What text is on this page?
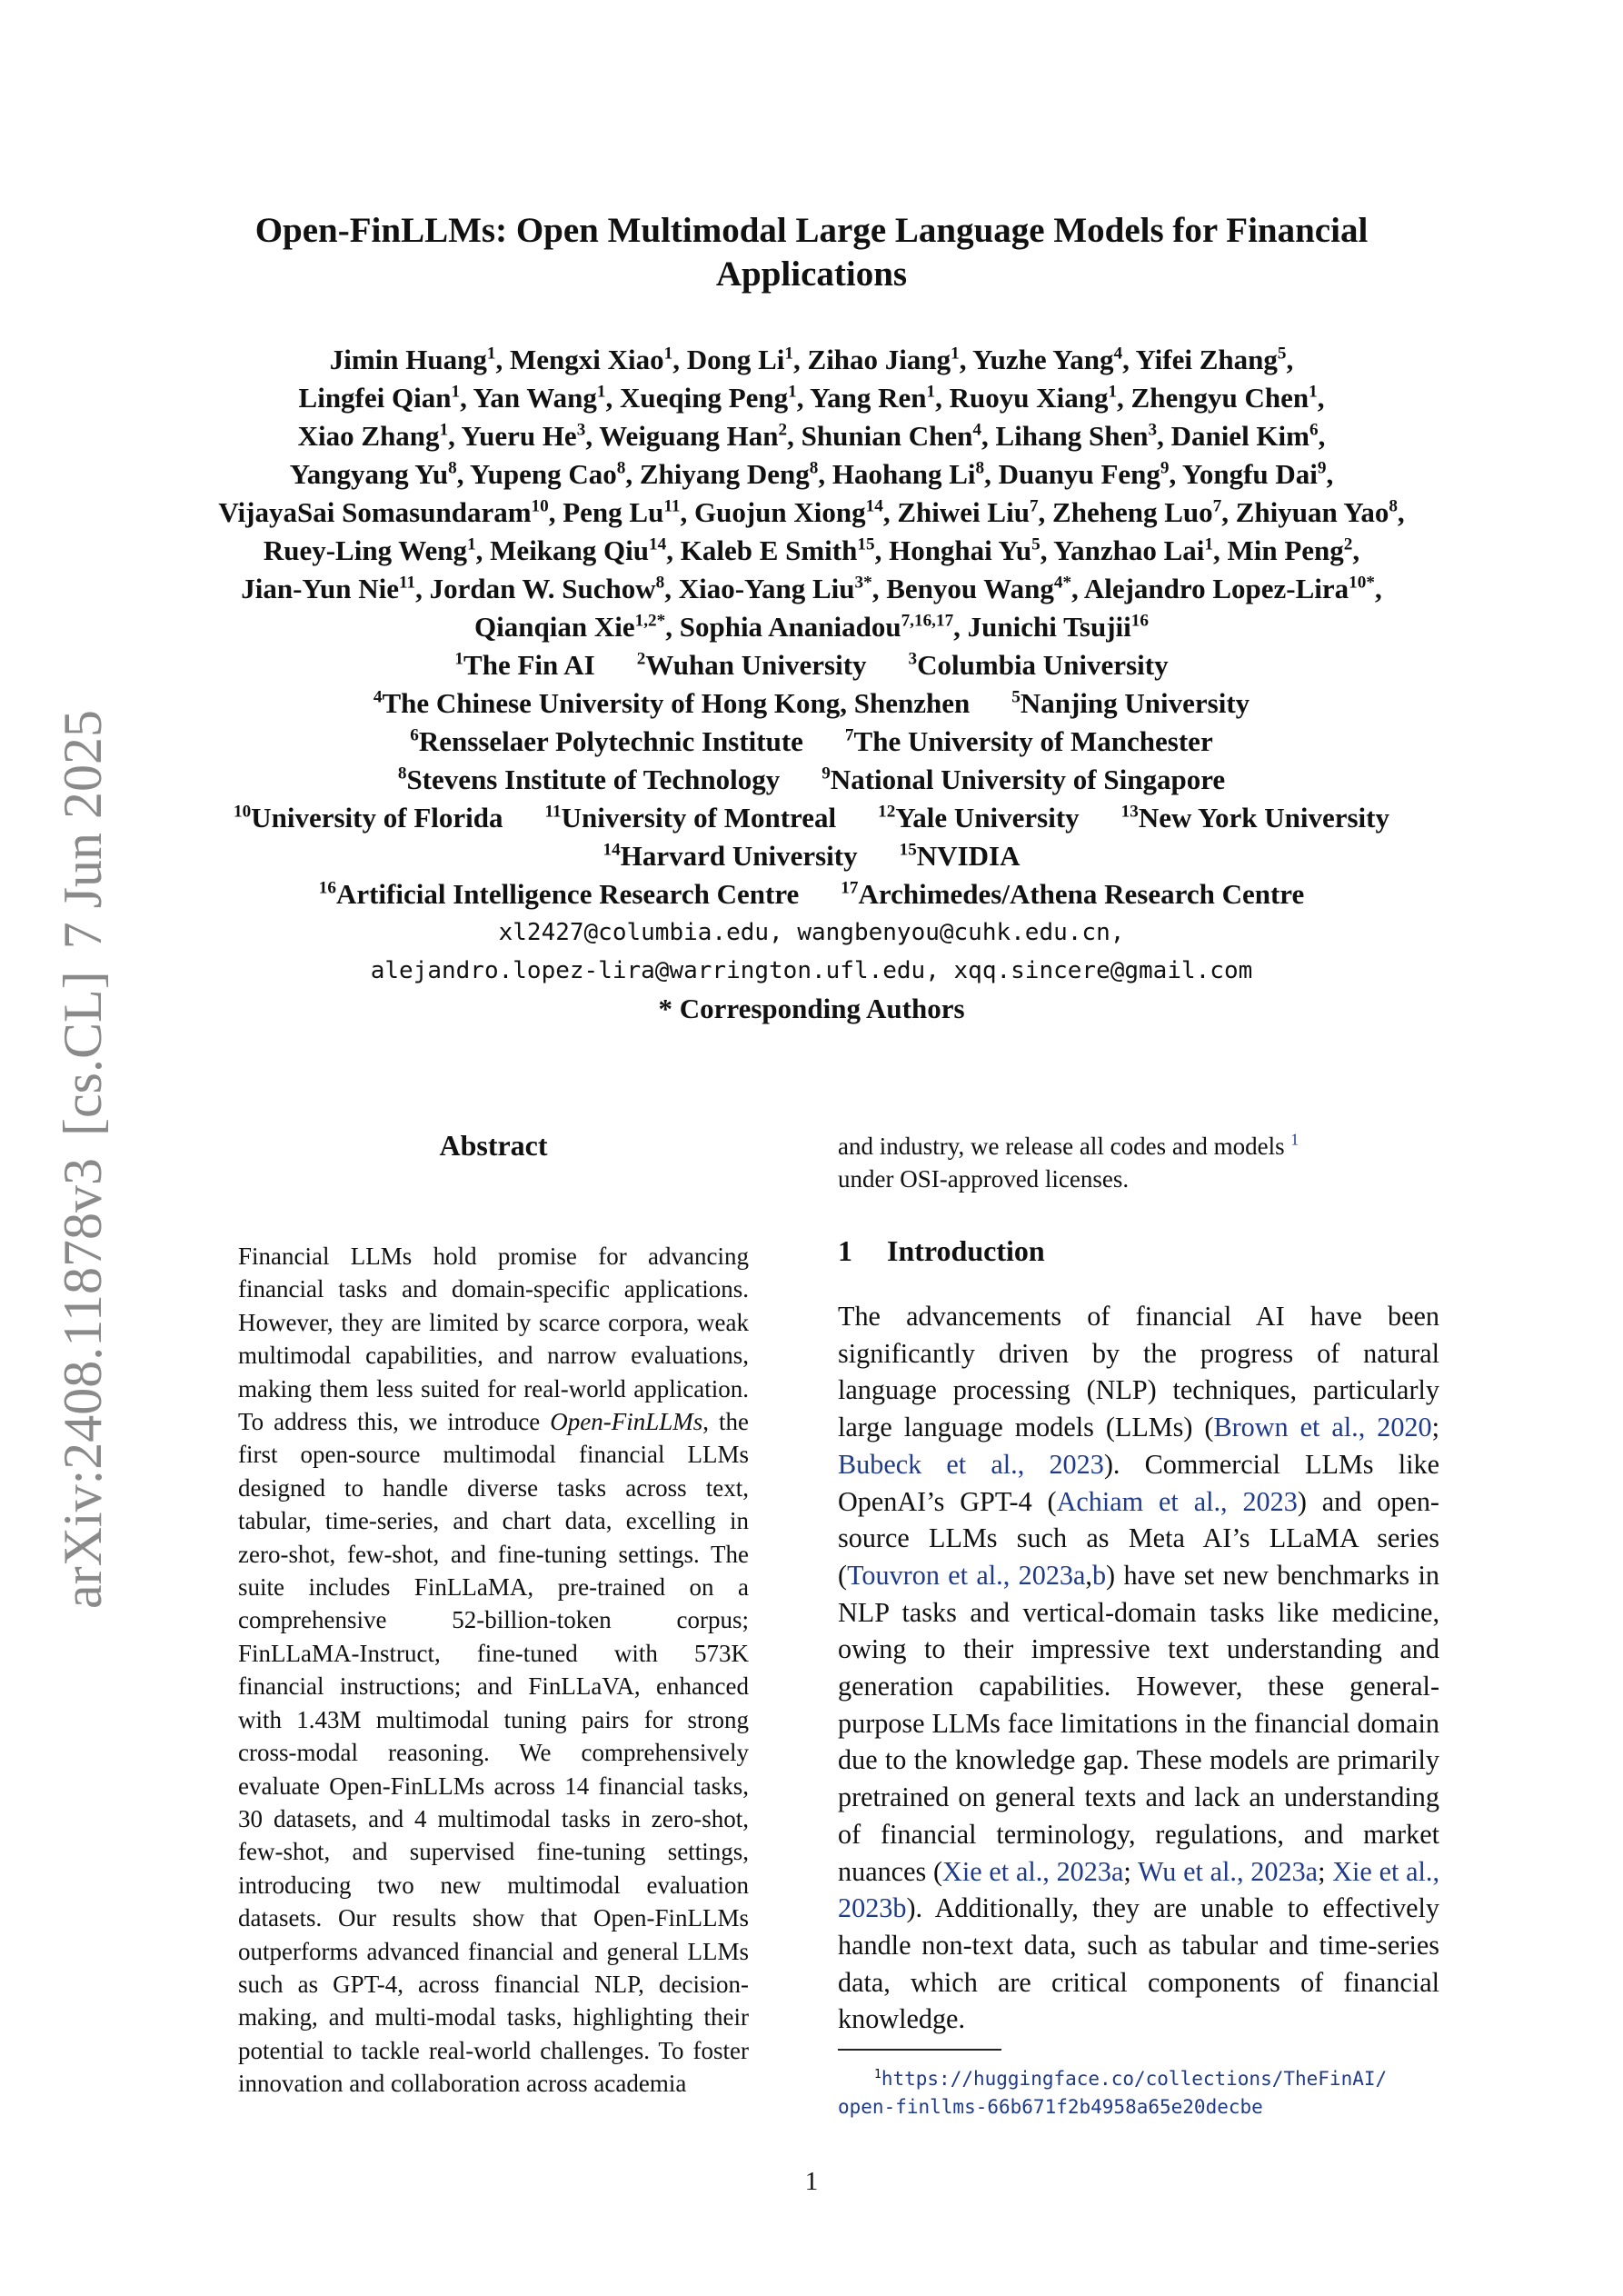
arXiv:2408.11878v3[cs.CL]7 Jun 2025
Open-FinLLMs: Open Multimodal Large Language Models for Financial Applications
Jimin Huang$^1$, Mengxi Xiao$^1$, Dong Li$^1$, Zihao Jiang$^1$, Yuzhe Yang$^4$, Yifei Zhang$^5$,
Lingfei Qian$^1$, Yan Wang$^1$, Xueqing Peng$^1$, Yang Ren$^1$, Ruoyu Xiang$^1$, Zhengyu Chen$^1$,
Xiao Zhang$^1$, Yueru He$^3$, Weiguang Han$^2$, Shunian Chen$^4$, Lihang Shen$^3$, Daniel Kim$^6$,
Yangyang Yu$^8$, Yupeng Cao$^8$, Zhiyang Deng$^8$, Haohang Li$^8$, Duanyu Feng$^9$, Yongfu Dai$^9$,
VijayaSai Somasundaram$^{10}$, Peng Lu$^{11}$, Guojun Xiong$^{14}$, Zhiwei Liu$^7$, Zheheng Luo$^7$, Zhiyuan Yao$^8$,
Ruey-Ling Weng$^1$, Meikang Qiu$^{14}$, Kaleb E Smith$^{15}$, Honghai Yu$^5$, Yanzhao Lai$^1$, Min Peng$^2$,
Jian-Yun Nie$^{11}$, Jordan W. Suchow$^8$, Xiao-Yang Liu$^{3*}$, Benyou Wang$^{4*}$, Alejandro Lopez-Lira$^{10*}$,
Qianqian Xie$^{1,2*}$, Sophia Ananiadou$^{7,16,17}$, Junichi Tsujii$^{16}$
$^1$The Fin AI $^2$Wuhan University $^3$Columbia University
$^4$The Chinese University of Hong Kong, Shenzhen $^5$Nanjing University
$^6$Rensselaer Polytechnic Institute $^7$The University of Manchester
$^8$Stevens Institute of Technology $^9$National University of Singapore
$^{10}$University of Florida $^{11}$University of Montreal $^{12}$Yale University $^{13}$New York University
$^{14}$Harvard University $^{15}$NVIDIA
$^{16}$Artificial Intelligence Research Centre $^{17}$Archimedes/Athena Research Centre
xl2427@columbia.edu, wangbenyou@cuhk.edu.cn,
alejandro.lopez-lira@warrington.ufl.edu, xqq.sincere@gmail.com
* Corresponding Authors
Abstract
Financial LLMs hold promise for advancing financial tasks and domain-specific applications. However, they are limited by scarce corpora, weak multimodal capabilities, and narrow evaluations, making them less suited for real-world application. To address this, we introduce Open-FinLLMs, the first open-source multimodal financial LLMs designed to handle diverse tasks across text, tabular, time-series, and chart data, excelling in zero-shot, few-shot, and fine-tuning settings. The suite includes FinLLaMA, pre-trained on a comprehensive 52-billion-token corpus; FinLLaMA-Instruct, fine-tuned with 573K financial instructions; and FinLLaVA, enhanced with 1.43M multimodal tuning pairs for strong cross-modal reasoning. We comprehensively evaluate Open-FinLLMs across 14 financial tasks, 30 datasets, and 4 multimodal tasks in zero-shot, few-shot, and supervised fine-tuning settings, introducing two new multimodal evaluation datasets. Our results show that Open-FinLLMs outperforms advanced financial and general LLMs such as GPT-4, across financial NLP, decision-making, and multi-modal tasks, highlighting their potential to tackle real-world challenges. To foster innovation and collaboration across academia
and industry, we release all codes and models $^1$
under OSI-approved licenses.
1 Introduction
The advancements of financial AI have been significantly driven by the progress of natural language processing (NLP) techniques, particularly large language models (LLMs) (Brown et al., 2020; Bubeck et al., 2023). Commercial LLMs like OpenAI’s GPT-4 (Achiam et al., 2023) and open-source LLMs such as Meta AI’s LLaMA series (Touvron et al., 2023a,b) have set new benchmarks in NLP tasks and vertical-domain tasks like medicine, owing to their impressive text understanding and generation capabilities. However, these general-purpose LLMs face limitations in the financial domain due to the knowledge gap. These models are primarily pretrained on general texts and lack an understanding of financial terminology, regulations, and market nuances (Xie et al., 2023a; Wu et al., 2023a; Xie et al., 2023b). Additionally, they are unable to effectively handle non-text data, such as tabular and time-series data, which are critical components of financial knowledge.
$^1$https://huggingface.co/collections/TheFinAI/
open-finllms-66b671f2b4958a65e20decbe
1
